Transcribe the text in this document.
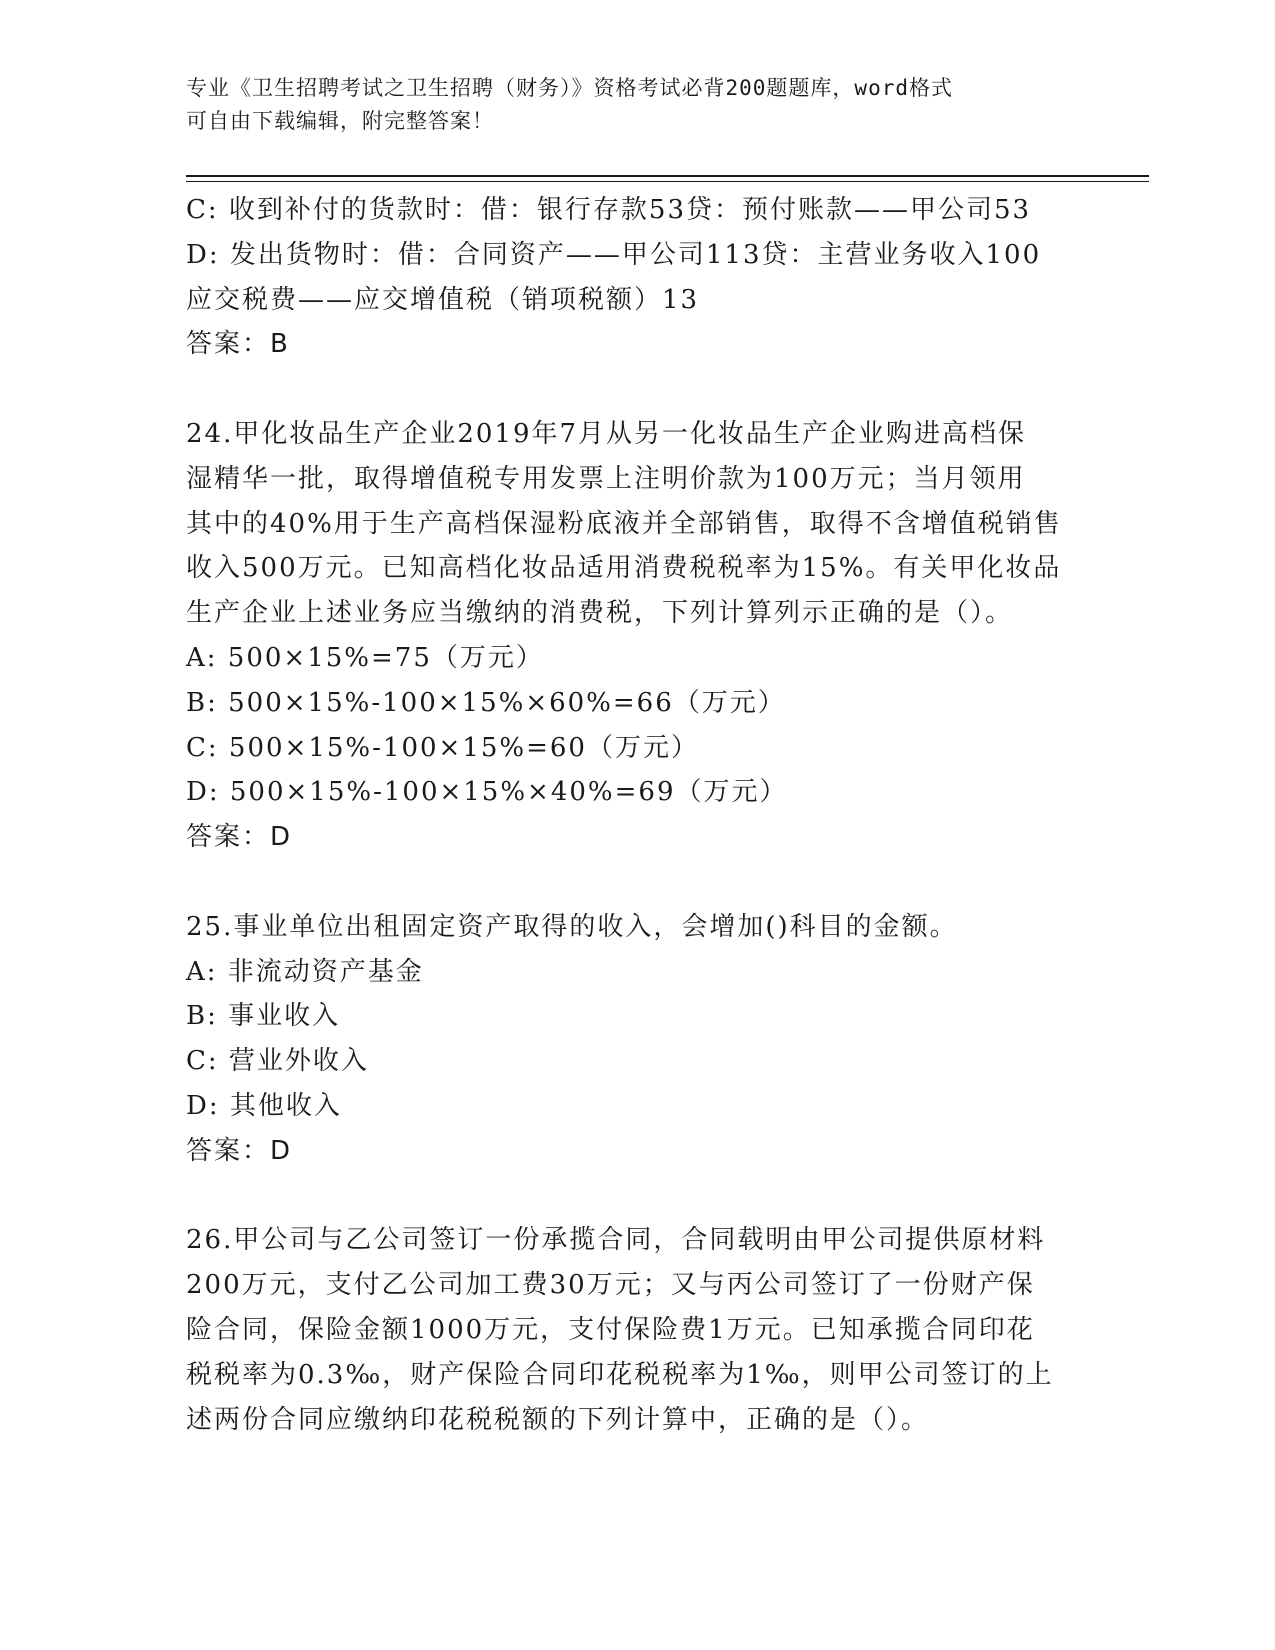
专业《卫生招聘考试之卫生招聘（财务）》资格考试必背200题题库，word格式
可自由下载编辑，附完整答案！
C: 收到补付的货款时：借：银行存款53贷：预付账款——甲公司53
D: 发出货物时：借：合同资产——甲公司113贷：主营业务收入100
应交税费——应交增值税（销项税额）13
答案：B
24.甲化妆品生产企业2019年7月从另一化妆品生产企业购进高档保
湿精华一批，取得增值税专用发票上注明价款为100万元；当月领用
其中的40%用于生产高档保湿粉底液并全部销售，取得不含增值税销售
收入500万元。已知高档化妆品适用消费税税率为15%。有关甲化妆品
生产企业上述业务应当缴纳的消费税，下列计算列示正确的是（）。
A: 500×15%=75（万元）
B: 500×15%-100×15%×60%=66（万元）
C: 500×15%-100×15%=60（万元）
D: 500×15%-100×15%×40%=69（万元）
答案：D
25.事业单位出租固定资产取得的收入，会增加()科目的金额。
A: 非流动资产基金
B: 事业收入
C: 营业外收入
D: 其他收入
答案：D
26.甲公司与乙公司签订一份承揽合同，合同载明由甲公司提供原材料
200万元，支付乙公司加工费30万元；又与丙公司签订了一份财产保
险合同，保险金额1000万元，支付保险费1万元。已知承揽合同印花
税税率为0.3‰，财产保险合同印花税税率为1‰，则甲公司签订的上
述两份合同应缴纳印花税税额的下列计算中，正确的是（）。
